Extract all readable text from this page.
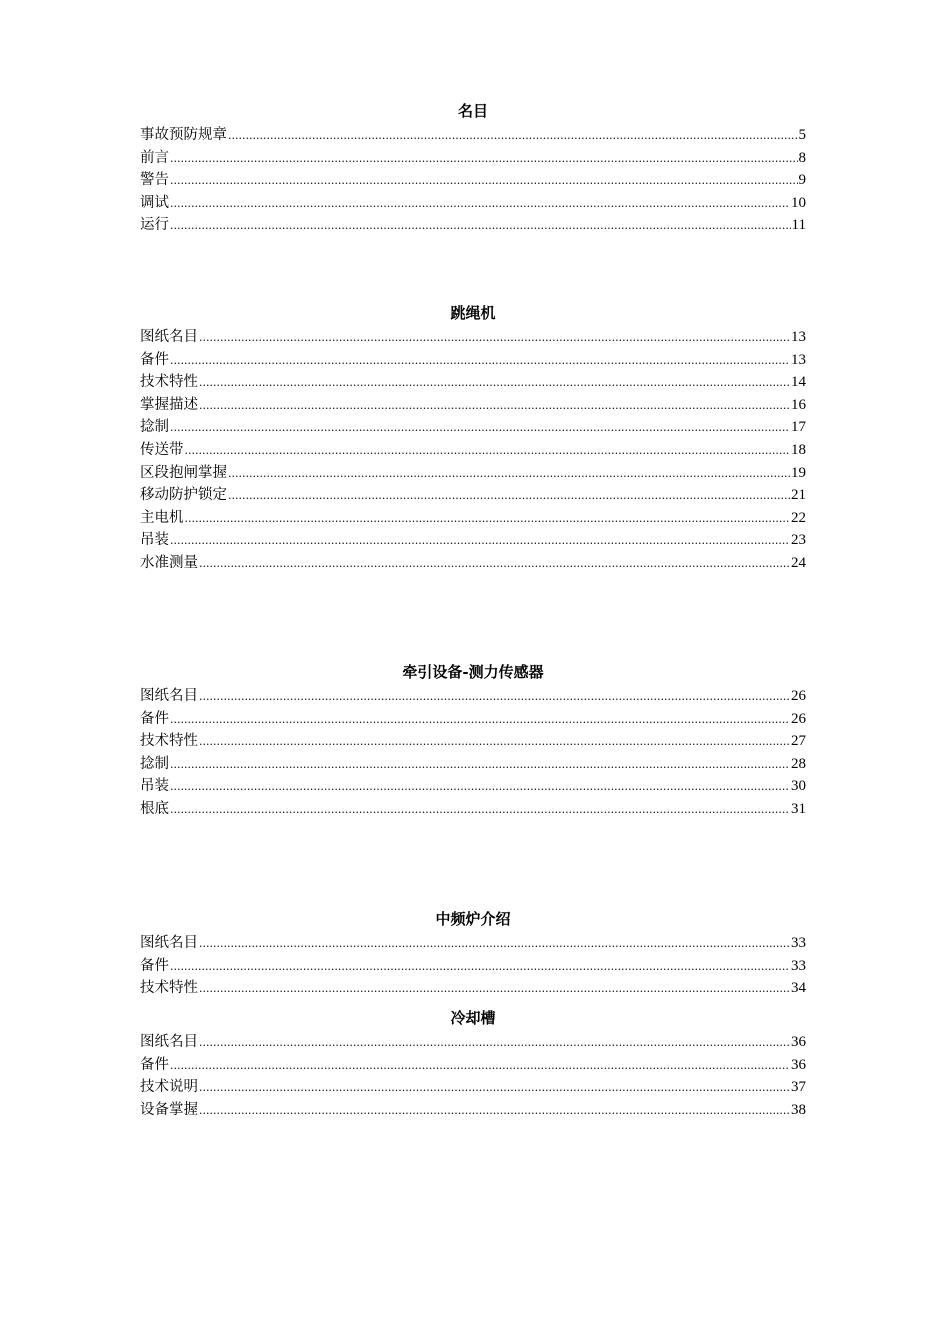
名目
事故预防规章 .....	5
前言 .....	8
警告 .....	9
调试 .....	10
运行 .....	11
跳绳机
图纸名目 .....	13
备件 .....	13
技术特性 .....	14
掌握描述 .....	16
捻制 .....	17
传送带 .....	18
区段抱闸掌握 .....	19
移动防护锁定 .....	21
主电机 .....	22
吊装 .....	23
水准测量 .....	24
牵引设备-测力传感器
图纸名目 .....	26
备件 .....	26
技术特性 .....	27
捻制 .....	28
吊装 .....	30
根底 .....	31
中频炉介绍
图纸名目 .....	33
备件 .....	33
技术特性 .....	34
冷却槽
图纸名目 .....	36
备件 .....	36
技术说明 .....	37
设备掌握 .....	38
